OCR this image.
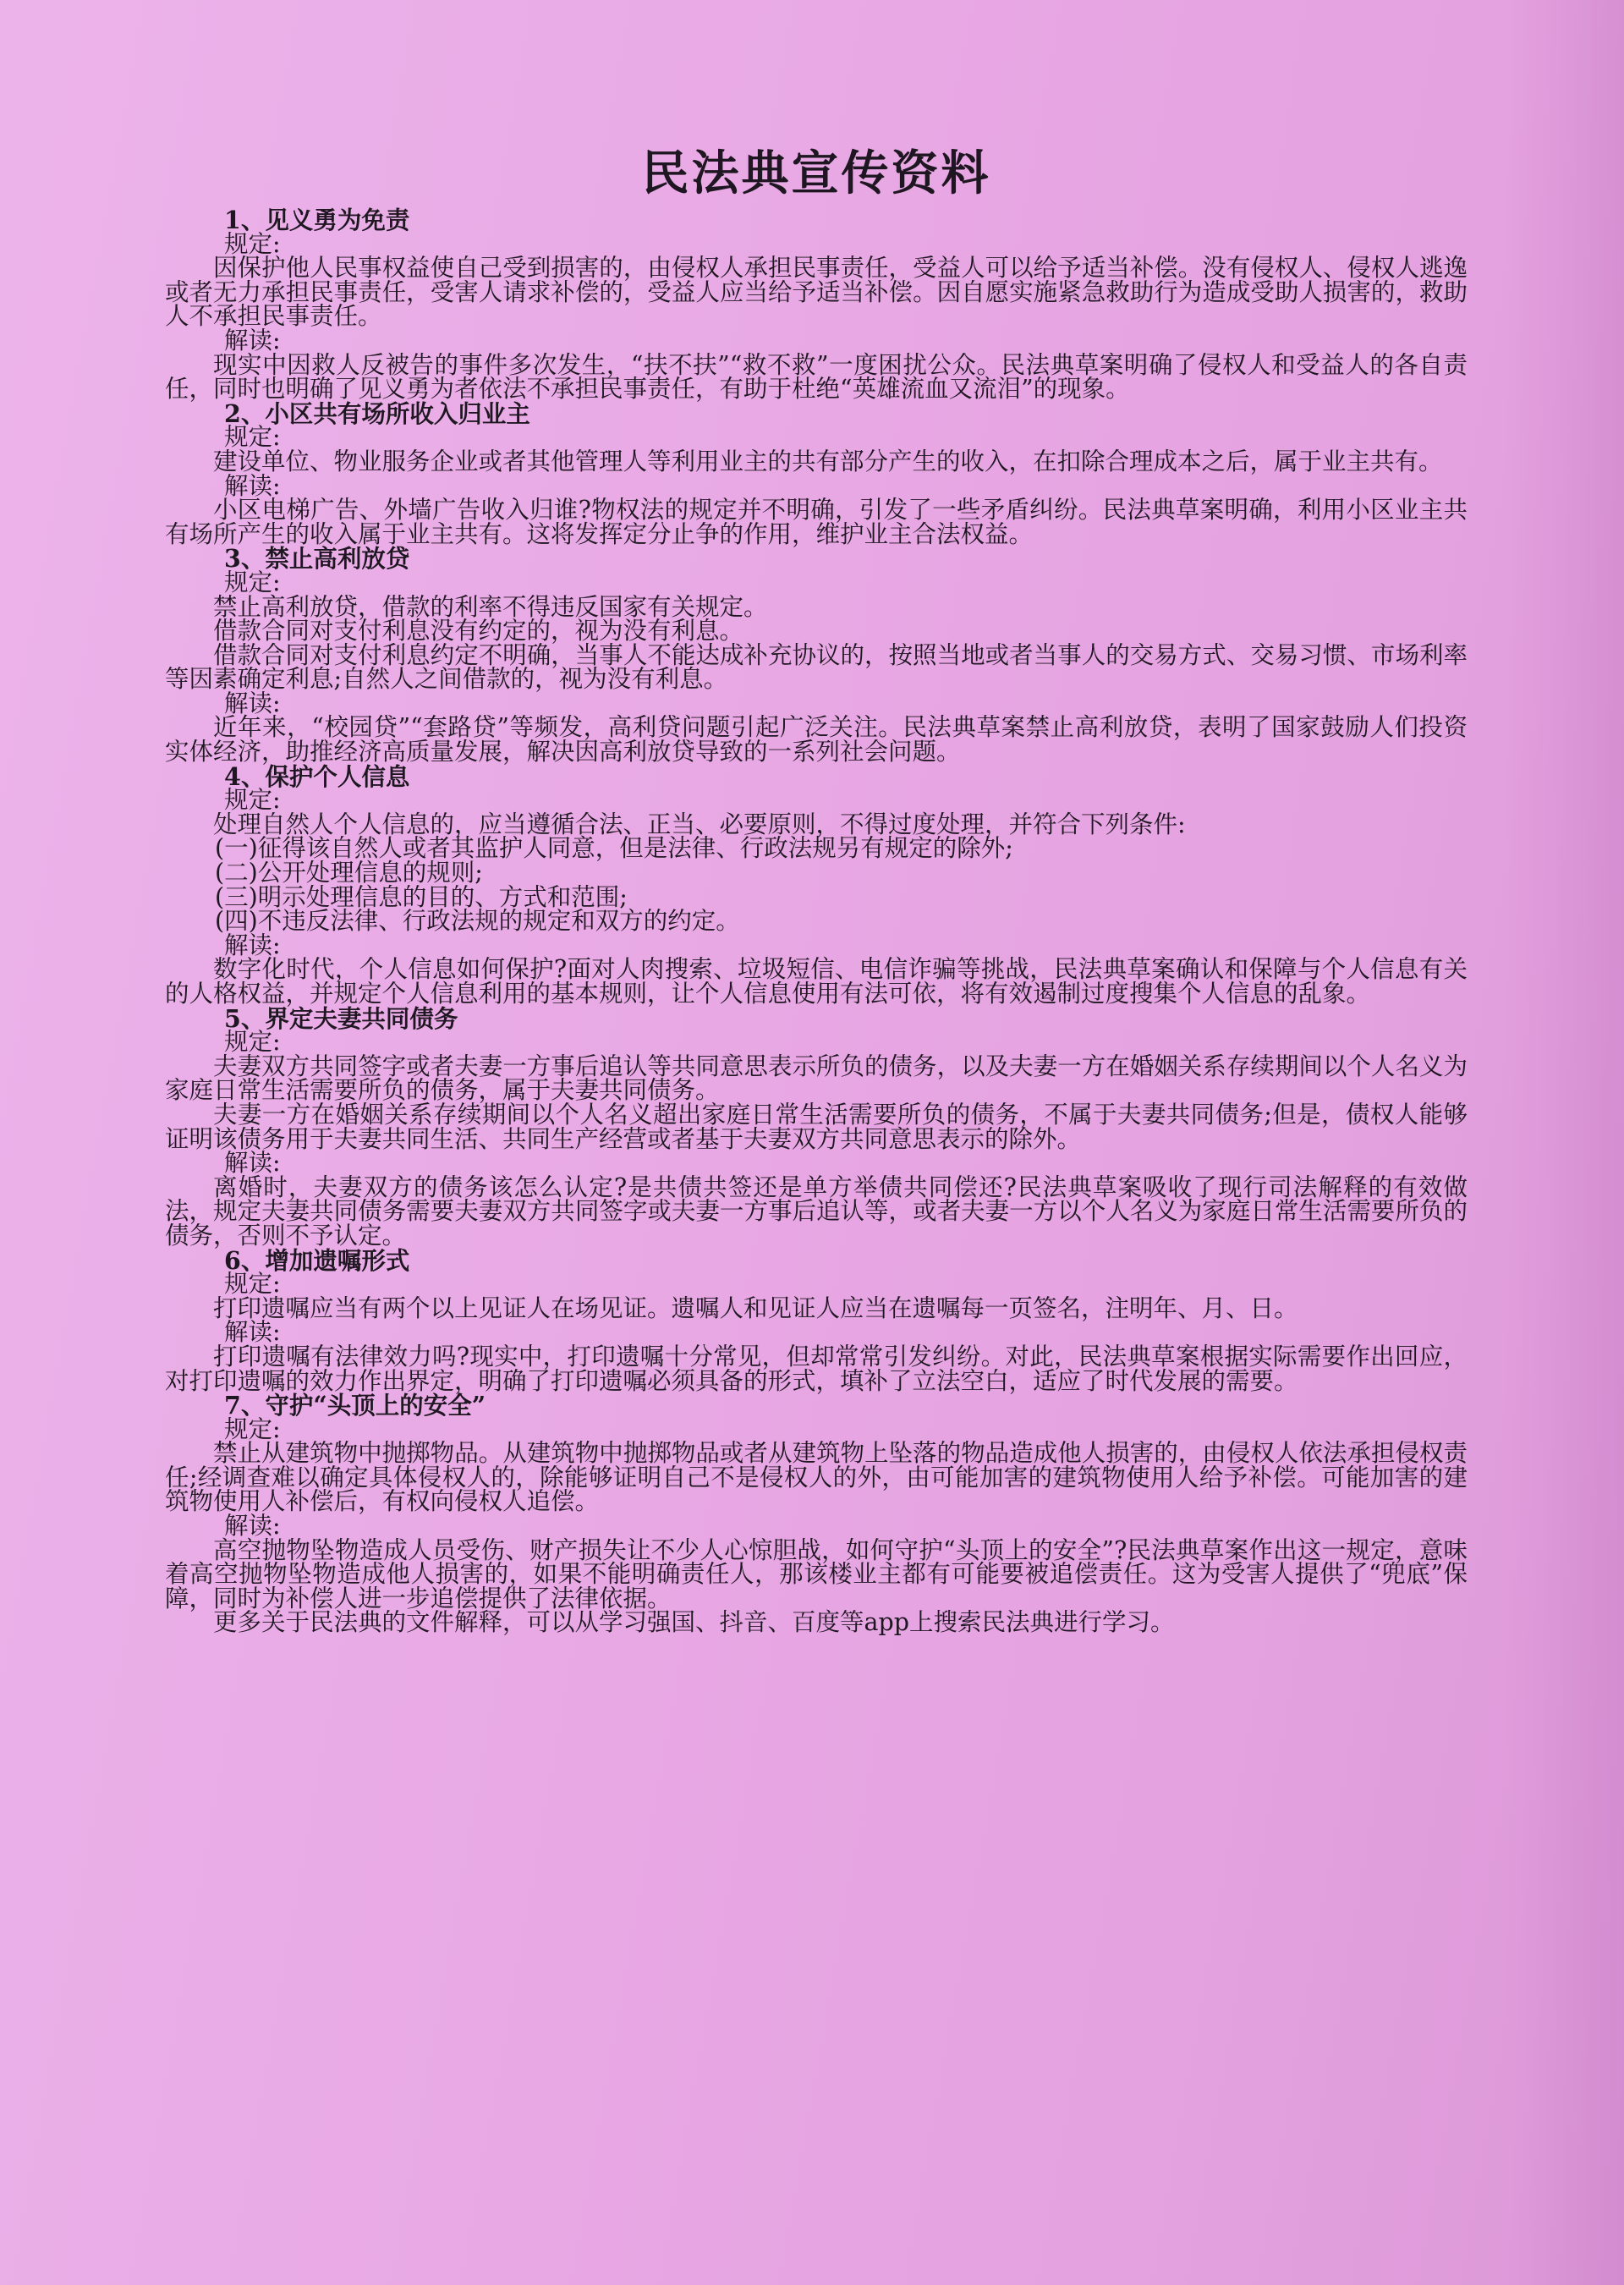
民法典宣传资料

1、见义勇为免责

规定:

因保护他人民事权益使自己受到损害的，由侵权人承担民事责任，受益人可以给予适当补偿。没有侵权人、侵权人逃逸或者无力承担民事责任，受害人请求补偿的，受益人应当给予适当补偿。因自愿实施紧急救助行为造成受助人损害的，救助人不承担民事责任。

解读:

现实中因救人反被告的事件多次发生，“扶不扶”“救不救”一度困扰公众。民法典草案明确了侵权人和受益人的各自责任，同时也明确了见义勇为者依法不承担民事责任，有助于杜绝“英雄流血又流泪”的现象。

2、小区共有场所收入归业主

规定:

建设单位、物业服务企业或者其他管理人等利用业主的共有部分产生的收入，在扣除合理成本之后，属于业主共有。

解读:

小区电梯广告、外墙广告收入归谁?物权法的规定并不明确，引发了一些矛盾纠纷。民法典草案明确，利用小区业主共有场所产生的收入属于业主共有。这将发挥定分止争的作用，维护业主合法权益。

3、禁止高利放贷

规定:

禁止高利放贷，借款的利率不得违反国家有关规定。

借款合同对支付利息没有约定的，视为没有利息。

借款合同对支付利息约定不明确，当事人不能达成补充协议的，按照当地或者当事人的交易方式、交易习惯、市场利率等因素确定利息;自然人之间借款的，视为没有利息。

解读:

近年来，“校园贷”“套路贷”等频发，高利贷问题引起广泛关注。民法典草案禁止高利放贷，表明了国家鼓励人们投资实体经济，助推经济高质量发展，解决因高利放贷导致的一系列社会问题。

4、保护个人信息

规定:

处理自然人个人信息的，应当遵循合法、正当、必要原则，不得过度处理，并符合下列条件:

(一)征得该自然人或者其监护人同意，但是法律、行政法规另有规定的除外;

(二)公开处理信息的规则;

(三)明示处理信息的目的、方式和范围;

(四)不违反法律、行政法规的规定和双方的约定。

解读:

数字化时代，个人信息如何保护?面对人肉搜索、垃圾短信、电信诈骗等挑战，民法典草案确认和保障与个人信息有关的人格权益，并规定个人信息利用的基本规则，让个人信息使用有法可依，将有效遏制过度搜集个人信息的乱象。

5、界定夫妻共同债务

规定:

夫妻双方共同签字或者夫妻一方事后追认等共同意思表示所负的债务，以及夫妻一方在婚姻关系存续期间以个人名义为家庭日常生活需要所负的债务，属于夫妻共同债务。

夫妻一方在婚姻关系存续期间以个人名义超出家庭日常生活需要所负的债务，不属于夫妻共同债务;但是，债权人能够证明该债务用于夫妻共同生活、共同生产经营或者基于夫妻双方共同意思表示的除外。

解读:

离婚时，夫妻双方的债务该怎么认定?是共债共签还是单方举债共同偿还?民法典草案吸收了现行司法解释的有效做法，规定夫妻共同债务需要夫妻双方共同签字或夫妻一方事后追认等，或者夫妻一方以个人名义为家庭日常生活需要所负的债务，否则不予认定。

6、增加遗嘱形式

规定:

打印遗嘱应当有两个以上见证人在场见证。遗嘱人和见证人应当在遗嘱每一页签名，注明年、月、日。

解读:

打印遗嘱有法律效力吗?现实中，打印遗嘱十分常见，但却常常引发纠纷。对此，民法典草案根据实际需要作出回应，对打印遗嘱的效力作出界定，明确了打印遗嘱必须具备的形式，填补了立法空白，适应了时代发展的需要。

7、守护“头顶上的安全”

规定:

禁止从建筑物中抛掷物品。从建筑物中抛掷物品或者从建筑物上坠落的物品造成他人损害的，由侵权人依法承担侵权责任;经调查难以确定具体侵权人的，除能够证明自己不是侵权人的外，由可能加害的建筑物使用人给予补偿。可能加害的建筑物使用人补偿后，有权向侵权人追偿。

解读:

高空抛物坠物造成人员受伤、财产损失让不少人心惊胆战，如何守护“头顶上的安全”?民法典草案作出这一规定，意味着高空抛物坠物造成他人损害的，如果不能明确责任人，那该楼业主都有可能要被追偿责任。这为受害人提供了“兜底”保障，同时为补偿人进一步追偿提供了法律依据。

更多关于民法典的文件解释，可以从学习强国、抖音、百度等app上搜索民法典进行学习。
